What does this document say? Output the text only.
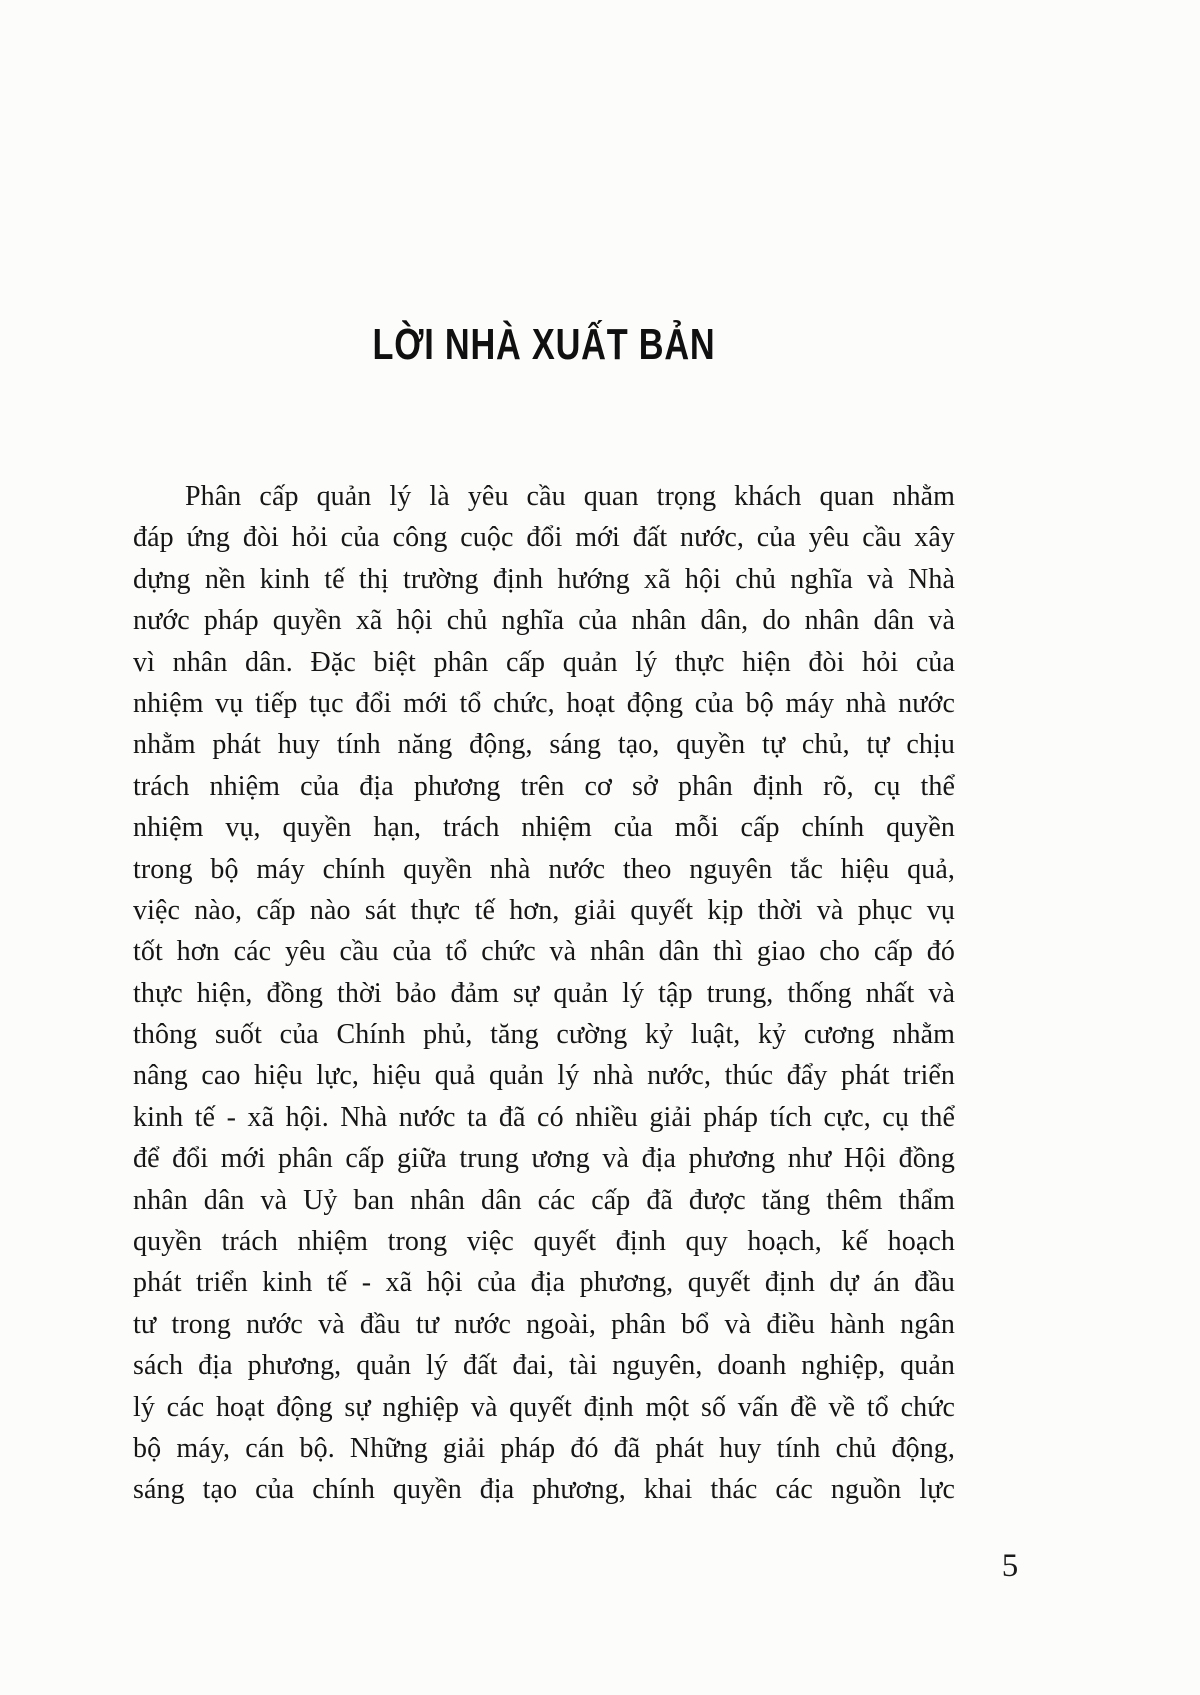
LỜI NHÀ XUẤT BẢN
Phân cấp quản lý là yêu cầu quan trọng khách quan nhằm
đáp ứng đòi hỏi của công cuộc đổi mới đất nước, của yêu cầu xây
dựng nền kinh tế thị trường định hướng xã hội chủ nghĩa và Nhà
nước pháp quyền xã hội chủ nghĩa của nhân dân, do nhân dân và
vì nhân dân. Đặc biệt phân cấp quản lý thực hiện đòi hỏi của
nhiệm vụ tiếp tục đổi mới tổ chức, hoạt động của bộ máy nhà nước
nhằm phát huy tính năng động, sáng tạo, quyền tự chủ, tự chịu
trách nhiệm của địa phương trên cơ sở phân định rõ, cụ thể
nhiệm vụ, quyền hạn, trách nhiệm của mỗi cấp chính quyền
trong bộ máy chính quyền nhà nước theo nguyên tắc hiệu quả,
việc nào, cấp nào sát thực tế hơn, giải quyết kịp thời và phục vụ
tốt hơn các yêu cầu của tổ chức và nhân dân thì giao cho cấp đó
thực hiện, đồng thời bảo đảm sự quản lý tập trung, thống nhất và
thông suốt của Chính phủ, tăng cường kỷ luật, kỷ cương nhằm
nâng cao hiệu lực, hiệu quả quản lý nhà nước, thúc đẩy phát triển
kinh tế - xã hội. Nhà nước ta đã có nhiều giải pháp tích cực, cụ thể
để đổi mới phân cấp giữa trung ương và địa phương như Hội đồng
nhân dân và Uỷ ban nhân dân các cấp đã được tăng thêm thẩm
quyền trách nhiệm trong việc quyết định quy hoạch, kế hoạch
phát triển kinh tế - xã hội của địa phương, quyết định dự án đầu
tư trong nước và đầu tư nước ngoài, phân bổ và điều hành ngân
sách địa phương, quản lý đất đai, tài nguyên, doanh nghiệp, quản
lý các hoạt động sự nghiệp và quyết định một số vấn đề về tổ chức
bộ máy, cán bộ. Những giải pháp đó đã phát huy tính chủ động,
sáng tạo của chính quyền địa phương, khai thác các nguồn lực
5
